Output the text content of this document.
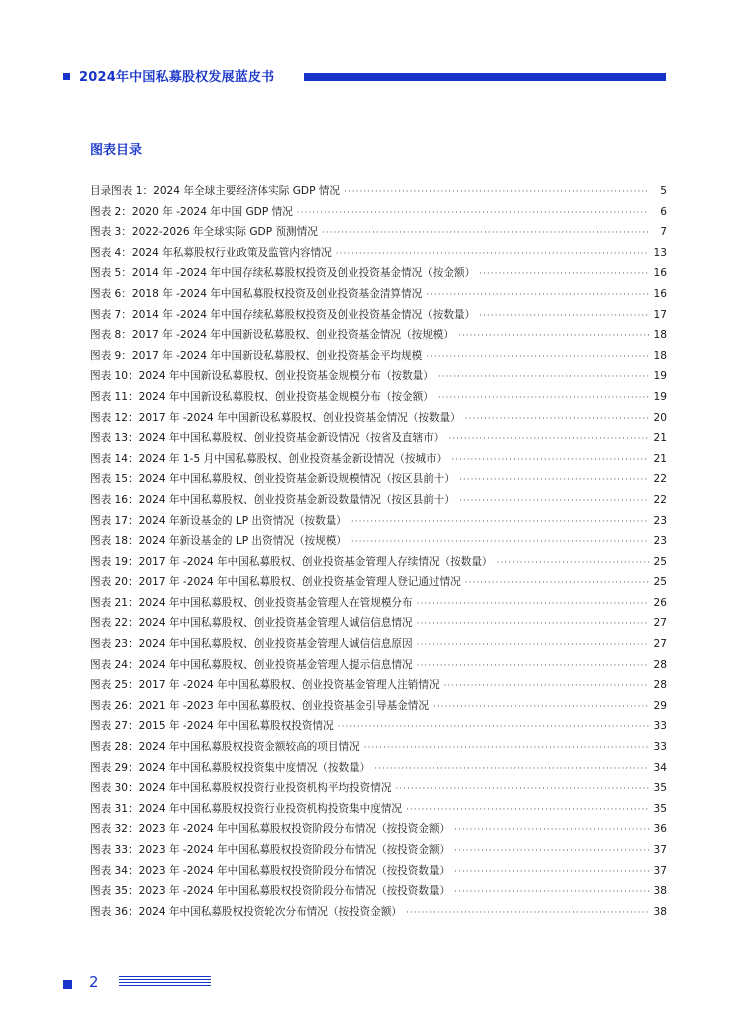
2024年中国私募股权发展蓝皮书
图表目录
目录图表 1：2024 年全球主要经济体实际 GDP 情况 ·····	5
图表 2：2020 年 -2024 年中国 GDP 情况 ·····	6
图表 3：2022-2026 年全球实际 GDP 预测情况 ·····	7
图表 4：2024 年私募股权行业政策及监管内容情况 ·····	13
图表 5：2014 年 -2024 年中国存续私募股权投资及创业投资基金情况（按金额） ·····	16
图表 6：2018 年 -2024 年中国私募股权投资及创业投资基金清算情况 ·····	16
图表 7：2014 年 -2024 年中国存续私募股权投资及创业投资基金情况（按数量） ·····	17
图表 8：2017 年 -2024 年中国新设私募股权、创业投资基金情况（按规模） ·····	18
图表 9：2017 年 -2024 年中国新设私募股权、创业投资基金平均规模 ·····	18
图表 10：2024 年中国新设私募股权、创业投资基金规模分布（按数量） ·····	19
图表 11：2024 年中国新设私募股权、创业投资基金规模分布（按金额） ·····	19
图表 12：2017 年 -2024 年中国新设私募股权、创业投资基金情况（按数量） ·····	20
图表 13：2024 年中国私募股权、创业投资基金新设情况（按省及直辖市） ·····	21
图表 14：2024 年 1-5 月中国私募股权、创业投资基金新设情况（按城市） ·····	21
图表 15：2024 年中国私募股权、创业投资基金新设规模情况（按区县前十） ·····	22
图表 16：2024 年中国私募股权、创业投资基金新设数量情况（按区县前十） ·····	22
图表 17：2024 年新设基金的 LP 出资情况（按数量） ·····	23
图表 18：2024 年新设基金的 LP 出资情况（按规模） ·····	23
图表 19：2017 年 -2024 年中国私募股权、创业投资基金管理人存续情况（按数量） ·····	25
图表 20：2017 年 -2024 年中国私募股权、创业投资基金管理人登记通过情况 ·····	25
图表 21：2024 年中国私募股权、创业投资基金管理人在管规模分布 ·····	26
图表 22：2024 年中国私募股权、创业投资基金管理人诚信信息情况 ·····	27
图表 23：2024 年中国私募股权、创业投资基金管理人诚信信息原因 ·····	27
图表 24：2024 年中国私募股权、创业投资基金管理人提示信息情况 ·····	28
图表 25：2017 年 -2024 年中国私募股权、创业投资基金管理人注销情况 ·····	28
图表 26：2021 年 -2023 年中国私募股权、创业投资基金引导基金情况 ·····	29
图表 27：2015 年 -2024 年中国私募股权投资情况 ·····	33
图表 28：2024 年中国私募股权投资金额较高的项目情况 ·····	33
图表 29：2024 年中国私募股权投资集中度情况（按数量） ·····	34
图表 30：2024 年中国私募股权投资行业投资机构平均投资情况 ·····	35
图表 31：2024 年中国私募股权投资行业投资机构投资集中度情况 ·····	35
图表 32：2023 年 -2024 年中国私募股权投资阶段分布情况（按投资金额） ·····	36
图表 33：2023 年 -2024 年中国私募股权投资阶段分布情况（按投资金额） ·····	37
图表 34：2023 年 -2024 年中国私募股权投资阶段分布情况（按投资数量） ·····	37
图表 35：2023 年 -2024 年中国私募股权投资阶段分布情况（按投资数量） ·····	38
图表 36：2024 年中国私募股权投资轮次分布情况（按投资金额） ·····	38
2
